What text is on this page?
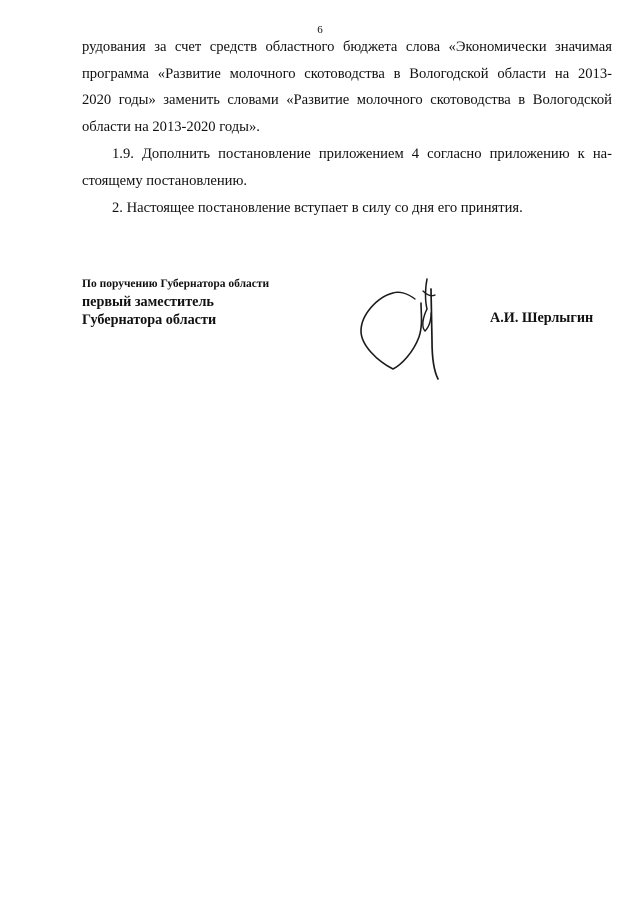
6
рудования за счет средств областного бюджета слова «Экономически значимая
программа «Развитие молочного скотоводства в Вологодской области на 2013-
2020 годы» заменить словами «Развитие молочного скотоводства в Вологодской
области на 2013-2020 годы».
1.9. Дополнить постановление приложением 4 согласно приложению к на-
стоящему постановлению.
2. Настоящее постановление вступает в силу со дня его принятия.
По поручению Губернатора области
первый заместитель
Губернатора области	А.И. Шерлыгин
